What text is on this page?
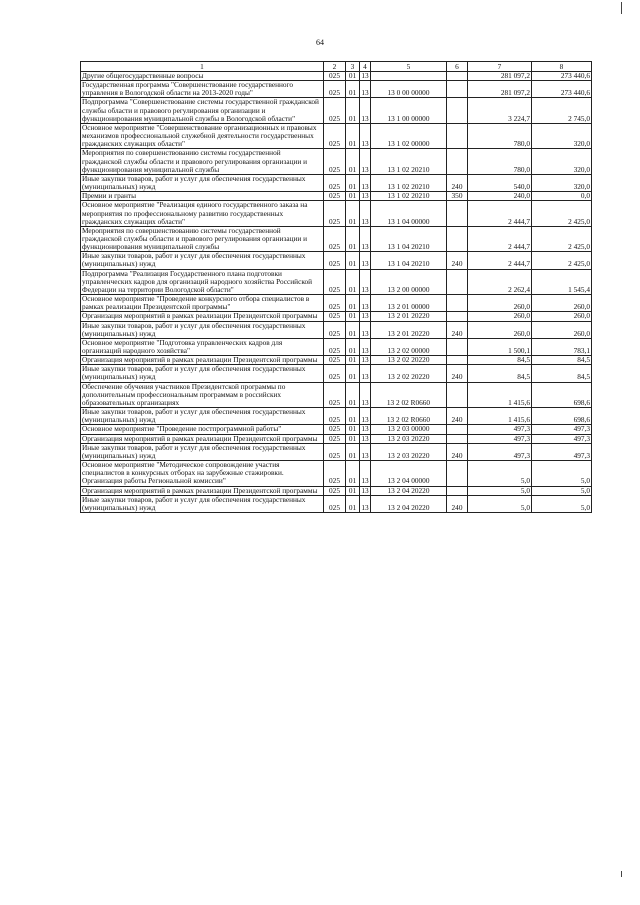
64
1	2	3	4	5	6	7	8
Другие общегосударственные вопросы	025	01	13			281 097,2	273 440,6
Государственная программа "Совершенствование государственного управления в Вологодской области на 2013-2020 годы"	025	01	13	13 0 00 00000		281 097,2	273 440,6
Подпрограмма "Совершенствование системы государственной гражданской службы области и правового регулирования организации и функционирования муниципальной службы в Вологодской области"	025	01	13	13 1 00 00000		3 224,7	2 745,0
Основное мероприятие "Совершенствование организационных и правовых механизмов профессиональной служебной деятельности государственных гражданских служащих области"	025	01	13	13 1 02 00000		780,0	320,0
Мероприятия по совершенствованию системы государственной гражданской службы области и правового регулирования организации и функционирования муниципальной службы	025	01	13	13 1 02 20210		780,0	320,0
Иные закупки товаров, работ и услуг для обеспечения государственных (муниципальных) нужд	025	01	13	13 1 02 20210	240	540,0	320,0
Премии и гранты	025	01	13	13 1 02 20210	350	240,0	0,0
Основное мероприятие "Реализация единого государственного заказа на мероприятия по профессиональному развитию государственных гражданских служащих области"	025	01	13	13 1 04 00000		2 444,7	2 425,0
Мероприятия по совершенствованию системы государственной гражданской службы области и правового регулирования организации и функционирования муниципальной службы	025	01	13	13 1 04 20210		2 444,7	2 425,0
Иные закупки товаров, работ и услуг для обеспечения государственных (муниципальных) нужд	025	01	13	13 1 04 20210	240	2 444,7	2 425,0
Подпрограмма "Реализация Государственного плана подготовки управленческих кадров для организаций народного хозяйства Российской Федерации на территории Вологодской области"	025	01	13	13 2 00 00000		2 262,4	1 545,4
Основное мероприятие "Проведение конкурсного отбора специалистов в рамках реализации Президентской программы"	025	01	13	13 2 01 00000		260,0	260,0
Организация мероприятий в рамках реализации Президентской программы	025	01	13	13 2 01 20220		260,0	260,0
Иные закупки товаров, работ и услуг для обеспечения государственных (муниципальных) нужд	025	01	13	13 2 01 20220	240	260,0	260,0
Основное мероприятие "Подготовка управленческих кадров для организаций народного хозяйства"	025	01	13	13 2 02 00000		1 500,1	783,1
Организация мероприятий в рамках реализации Президентской программы	025	01	13	13 2 02 20220		84,5	84,5
Иные закупки товаров, работ и услуг для обеспечения государственных (муниципальных) нужд	025	01	13	13 2 02 20220	240	84,5	84,5
Обеспечение обучения участников Президентской программы по дополнительным профессиональным программам в российских образовательных организациях	025	01	13	13 2 02 R0660		1 415,6	698,6
Иные закупки товаров, работ и услуг для обеспечения государственных (муниципальных) нужд	025	01	13	13 2 02 R0660	240	1 415,6	698,6
Основное мероприятие "Проведение постпрограммной работы"	025	01	13	13 2 03 00000		497,3	497,3
Организация мероприятий в рамках реализации Президентской программы	025	01	13	13 2 03 20220		497,3	497,3
Иные закупки товаров, работ и услуг для обеспечения государственных (муниципальных) нужд	025	01	13	13 2 03 20220	240	497,3	497,3
Основное мероприятие "Методическое сопровождение участия специалистов в конкурсных отборах на зарубежные стажировки. Организация работы Региональной комиссии"	025	01	13	13 2 04 00000		5,0	5,0
Организация мероприятий в рамках реализации Президентской программы	025	01	13	13 2 04 20220		5,0	5,0
Иные закупки товаров, работ и услуг для обеспечения государственных (муниципальных) нужд	025	01	13	13 2 04 20220	240	5,0	5,0
